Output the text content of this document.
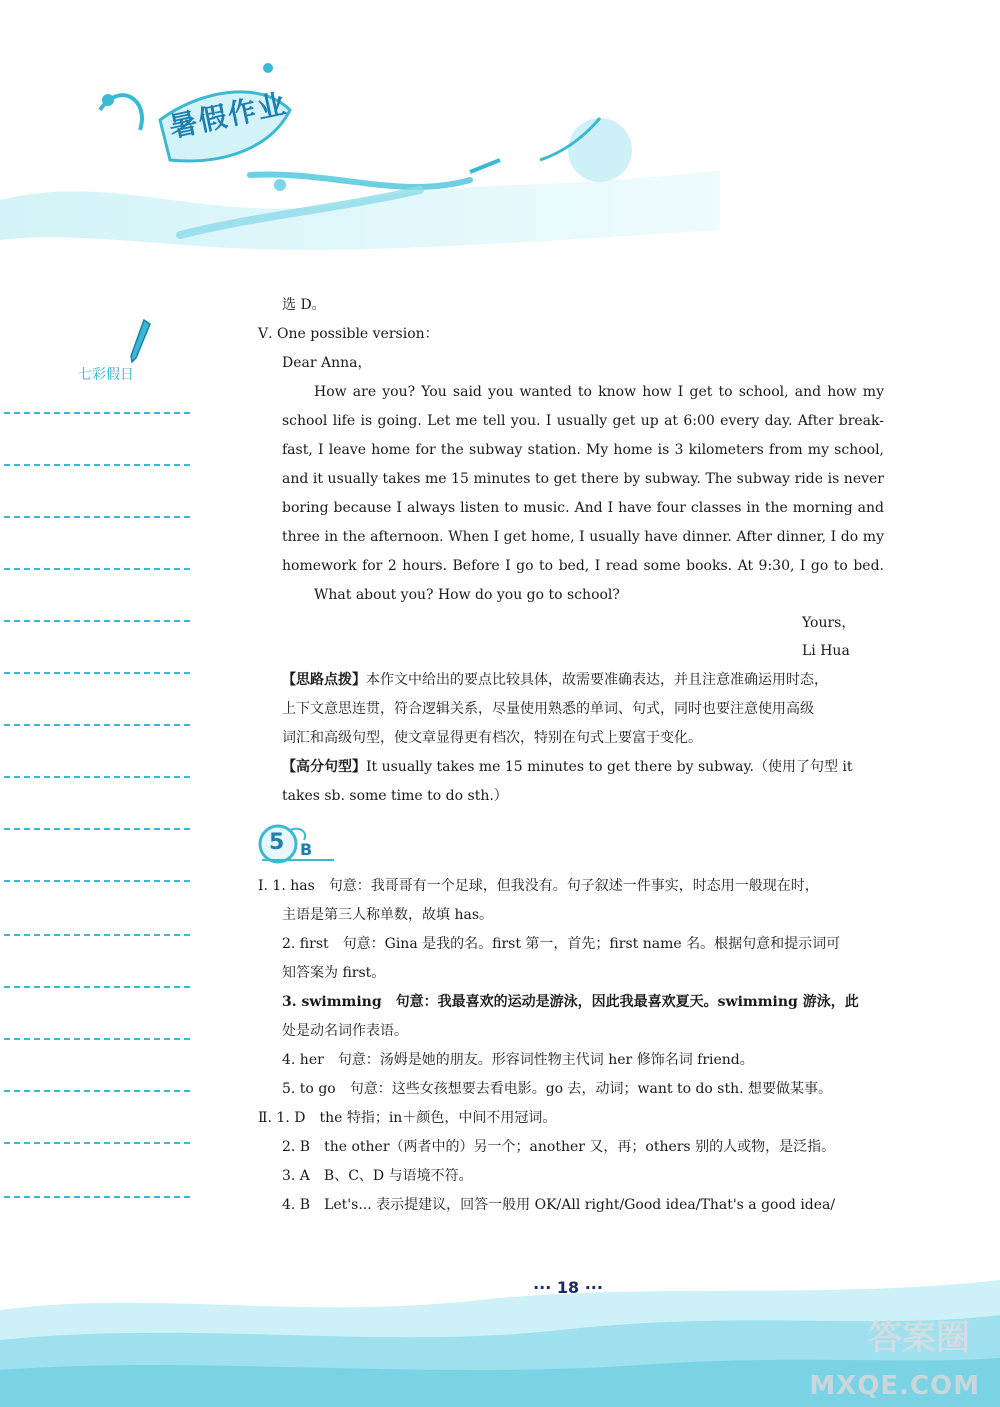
暑假作业
七彩假日
选 D。
Ⅴ. One possible version：
Dear Anna，
How are you? You said you wanted to know how I get to school, and how my
school life is going. Let me tell you. I usually get up at 6:00 every day. After break-
fast, I leave home for the subway station. My home is 3 kilometers from my school,
and it usually takes me 15 minutes to get there by subway. The subway ride is never
boring because I always listen to music. And I have four classes in the morning and
three in the afternoon. When I get home, I usually have dinner. After dinner, I do my
homework for 2 hours. Before I go to bed, I read some books. At 9:30, I go to bed.
What about you? How do you go to school?
Yours，
Li Hua
【思路点拨】本作文中给出的要点比较具体，故需要准确表达，并且注意准确运用时态，
上下文意思连贯，符合逻辑关系，尽量使用熟悉的单词、句式，同时也要注意使用高级
词汇和高级句型，使文章显得更有档次，特别在句式上要富于变化。
【高分句型】It usually takes me 15 minutes to get there by subway.（使用了句型 it
takes sb. some time to do sth.）
5 B
Ⅰ. 1. has　句意：我哥哥有一个足球，但我没有。句子叙述一件事实，时态用一般现在时，
主语是第三人称单数，故填 has。
2. first　句意：Gina 是我的名。first 第一，首先；first name 名。根据句意和提示词可
知答案为 first。
3. swimming　句意：我最喜欢的运动是游泳，因此我最喜欢夏天。swimming 游泳，此
处是动名词作表语。
4. her　句意：汤姆是她的朋友。形容词性物主代词 her 修饰名词 friend。
5. to go　句意：这些女孩想要去看电影。go 去，动词；want to do sth. 想要做某事。
Ⅱ. 1. D　the 特指；in＋颜色，中间不用冠词。
2. B　the other（两者中的）另一个；another 又，再；others 别的人或物，是泛指。
3. A　B、C、D 与语境不符。
4. B　Let's... 表示提建议，回答一般用 OK/All right/Good idea/That's a good idea/
··· 18 ···
答案圈
MXQE.COM
